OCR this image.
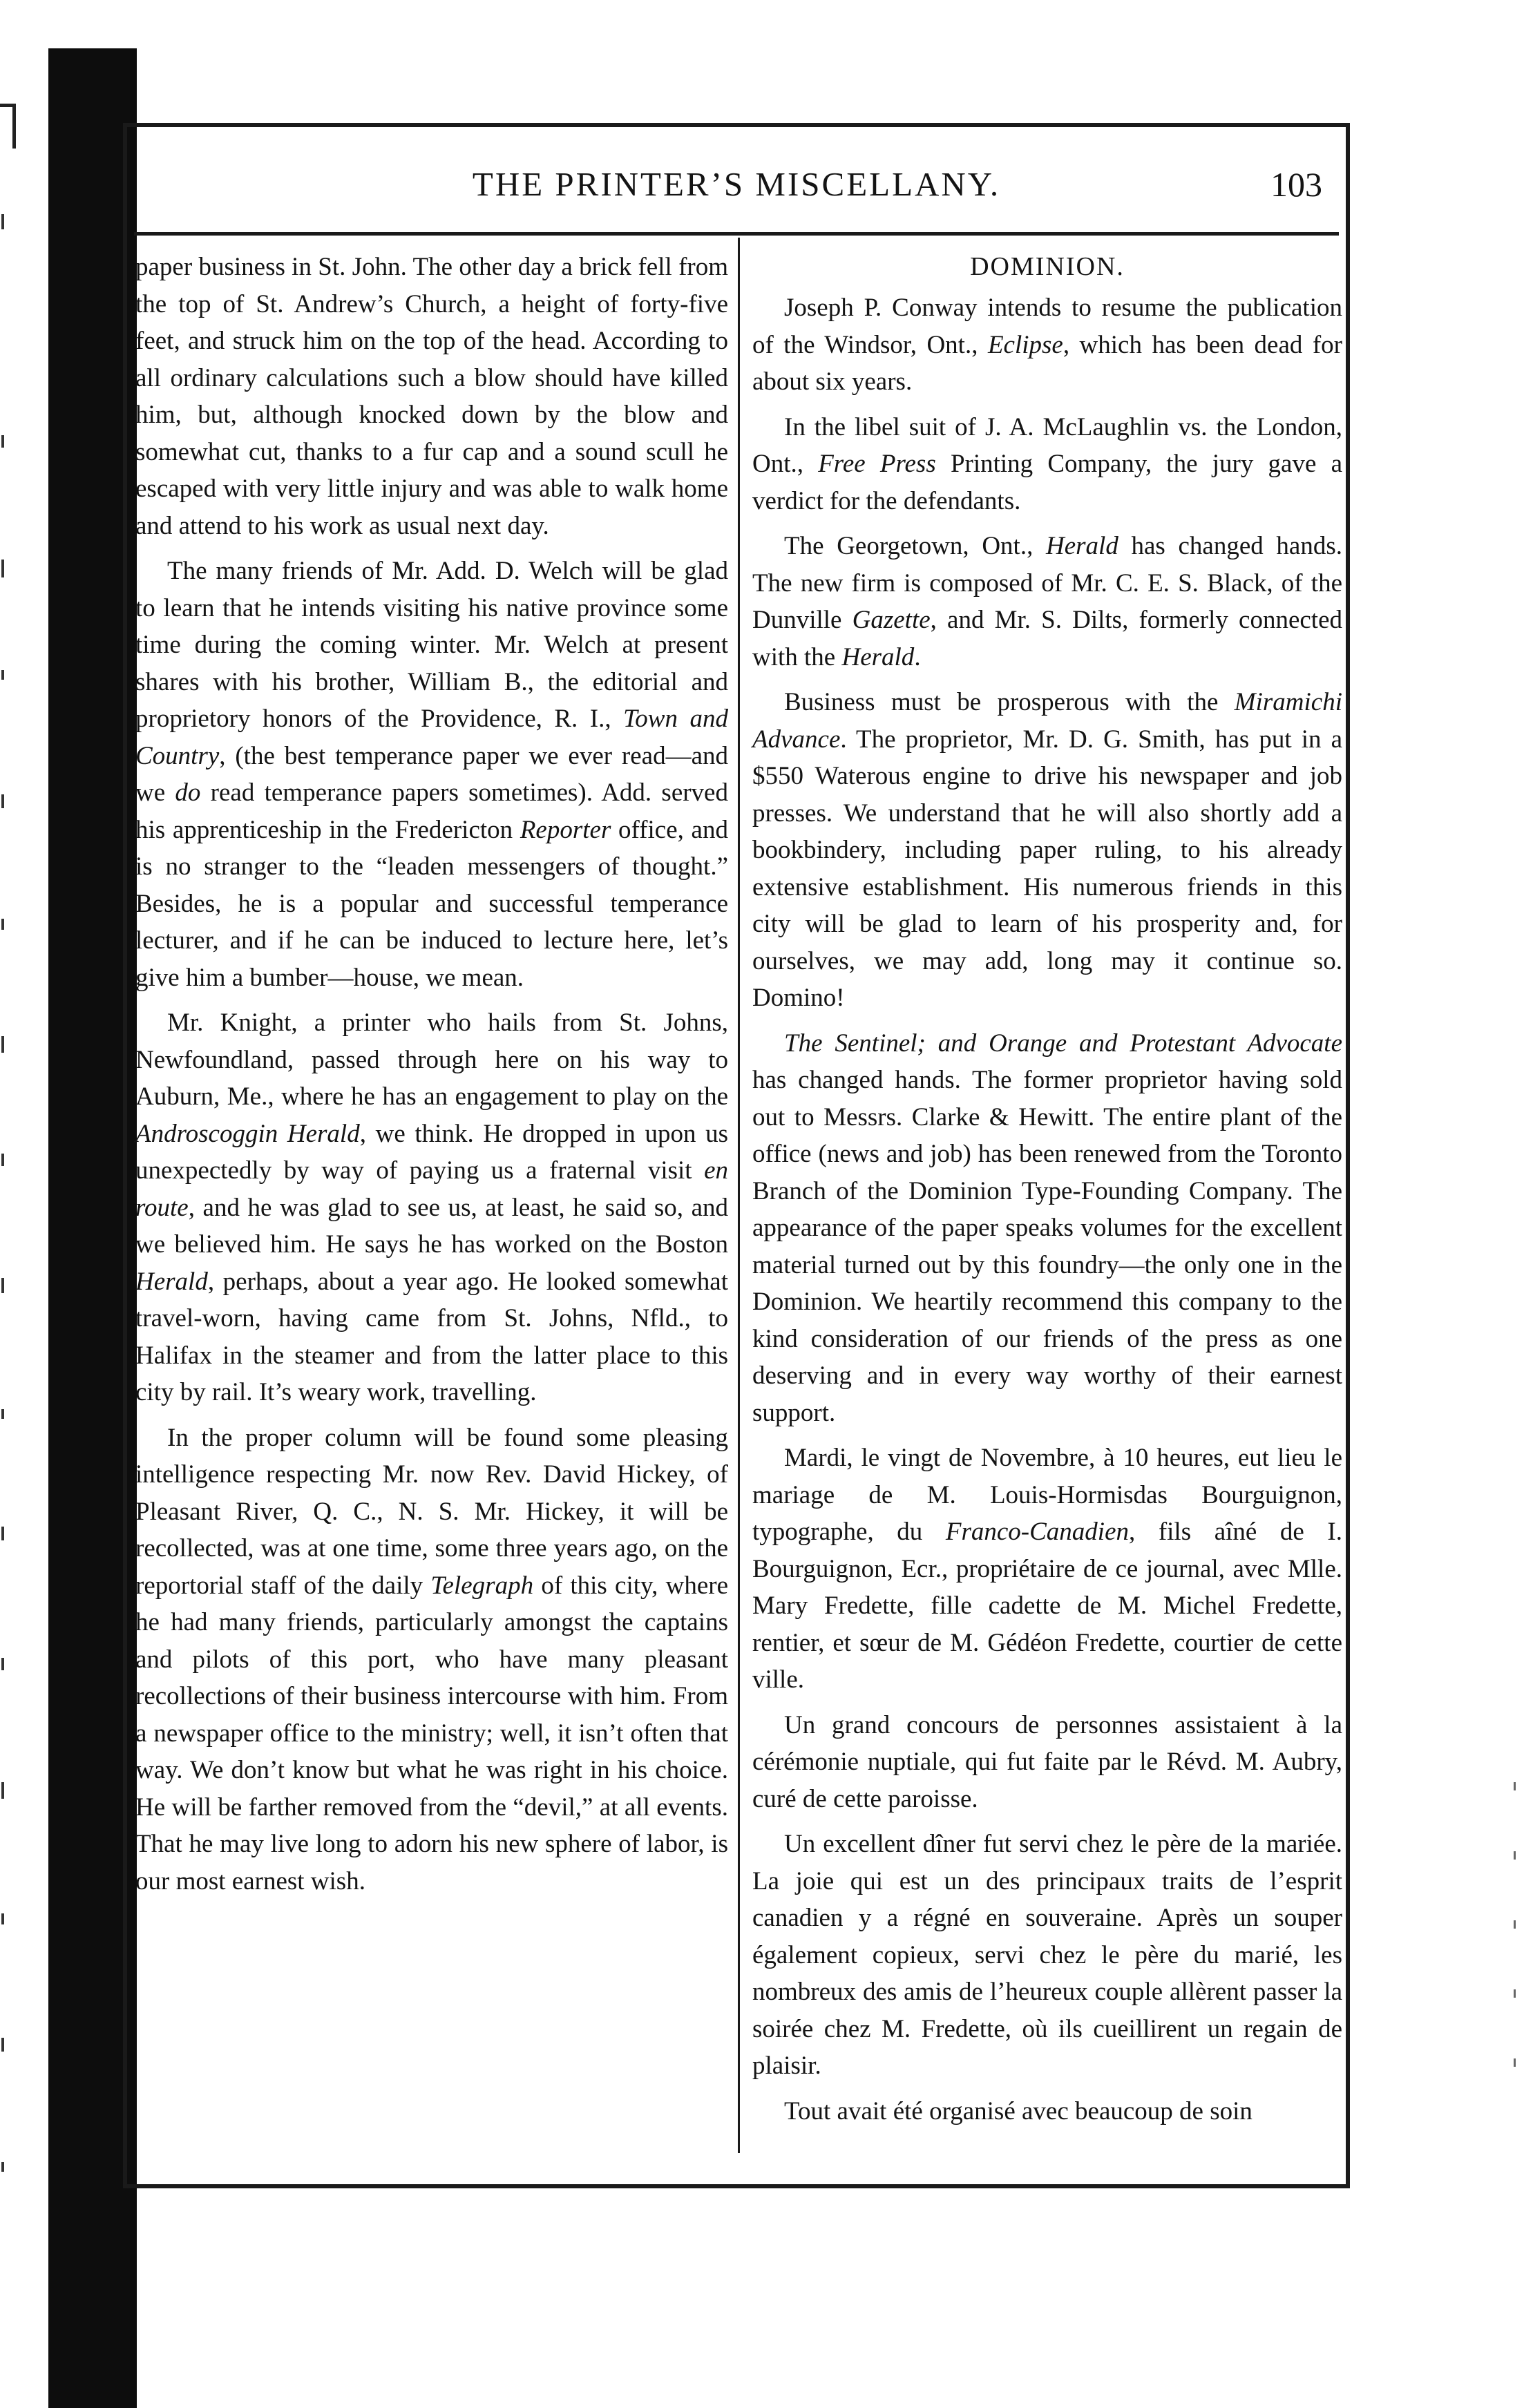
THE PRINTER’S MISCELLANY.	103

paper business in St. John. The other day a brick fell from the top of St. Andrew’s Church, a height of forty-five feet, and struck him on the top of the head. According to all ordinary calculations such a blow should have killed him, but, although knocked down by the blow and somewhat cut, thanks to a fur cap and a sound scull he escaped with very little injury and was able to walk home and attend to his work as usual next day.

The many friends of Mr. Add. D. Welch will be glad to learn that he intends visiting his native province some time during the coming winter. Mr. Welch at present shares with his brother, William B., the editorial and proprietory honors of the Providence, R. I., Town and Country, (the best temperance paper we ever read—and we do read temperance papers sometimes). Add. served his apprenticeship in the Fredericton Reporter office, and is no stranger to the “leaden messengers of thought.” Besides, he is a popular and successful temperance lecturer, and if he can be induced to lecture here, let’s give him a bumber—house, we mean.

Mr. Knight, a printer who hails from St. Johns, Newfoundland, passed through here on his way to Auburn, Me., where he has an engagement to play on the Androscoggin Herald, we think. He dropped in upon us unexpectedly by way of paying us a fraternal visit en route, and he was glad to see us, at least, he said so, and we believed him. He says he has worked on the Boston Herald, perhaps, about a year ago. He looked somewhat travel-worn, having came from St. Johns, Nfld., to Halifax in the steamer and from the latter place to this city by rail. It’s weary work, travelling.

In the proper column will be found some pleasing intelligence respecting Mr. now Rev. David Hickey, of Pleasant River, Q. C., N. S. Mr. Hickey, it will be recollected, was at one time, some three years ago, on the reportorial staff of the daily Telegraph of this city, where he had many friends, particularly amongst the captains and pilots of this port, who have many pleasant recollections of their business intercourse with him. From a newspaper office to the ministry; well, it isn’t often that way. We don’t know but what he was right in his choice. He will be farther removed from the “devil,” at all events. That he may live long to adorn his new sphere of labor, is our most earnest wish.

DOMINION.

Joseph P. Conway intends to resume the publication of the Windsor, Ont., Eclipse, which has been dead for about six years.

In the libel suit of J. A. McLaughlin vs. the London, Ont., Free Press Printing Company, the jury gave a verdict for the defendants.

The Georgetown, Ont., Herald has changed hands. The new firm is composed of Mr. C. E. S. Black, of the Dunville Gazette, and Mr. S. Dilts, formerly connected with the Herald.

Business must be prosperous with the Miramichi Advance. The proprietor, Mr. D. G. Smith, has put in a $550 Waterous engine to drive his newspaper and job presses. We understand that he will also shortly add a bookbindery, including paper ruling, to his already extensive establishment. His numerous friends in this city will be glad to learn of his prosperity and, for ourselves, we may add, long may it continue so. Domino!

The Sentinel; and Orange and Protestant Advocate has changed hands. The former proprietor having sold out to Messrs. Clarke & Hewitt. The entire plant of the office (news and job) has been renewed from the Toronto Branch of the Dominion Type-Founding Company. The appearance of the paper speaks volumes for the excellent material turned out by this foundry—the only one in the Dominion. We heartily recommend this company to the kind consideration of our friends of the press as one deserving and in every way worthy of their earnest support.

Mardi, le vingt de Novembre, à 10 heures, eut lieu le mariage de M. Louis-Hormisdas Bourguignon, typographe, du Franco-Canadien, fils aîné de I. Bourguignon, Ecr., propriétaire de ce journal, avec Mlle. Mary Fredette, fille cadette de M. Michel Fredette, rentier, et sœur de M. Gédéon Fredette, courtier de cette ville.

Un grand concours de personnes assistaient à la cérémonie nuptiale, qui fut faite par le Révd. M. Aubry, curé de cette paroisse.

Un excellent dîner fut servi chez le père de la mariée. La joie qui est un des principaux traits de l’esprit canadien y a régné en souveraine. Après un souper également copieux, servi chez le père du marié, les nombreux des amis de l’heureux couple allèrent passer la soirée chez M. Fredette, où ils cueillirent un regain de plaisir.

Tout avait été organisé avec beaucoup de soin
